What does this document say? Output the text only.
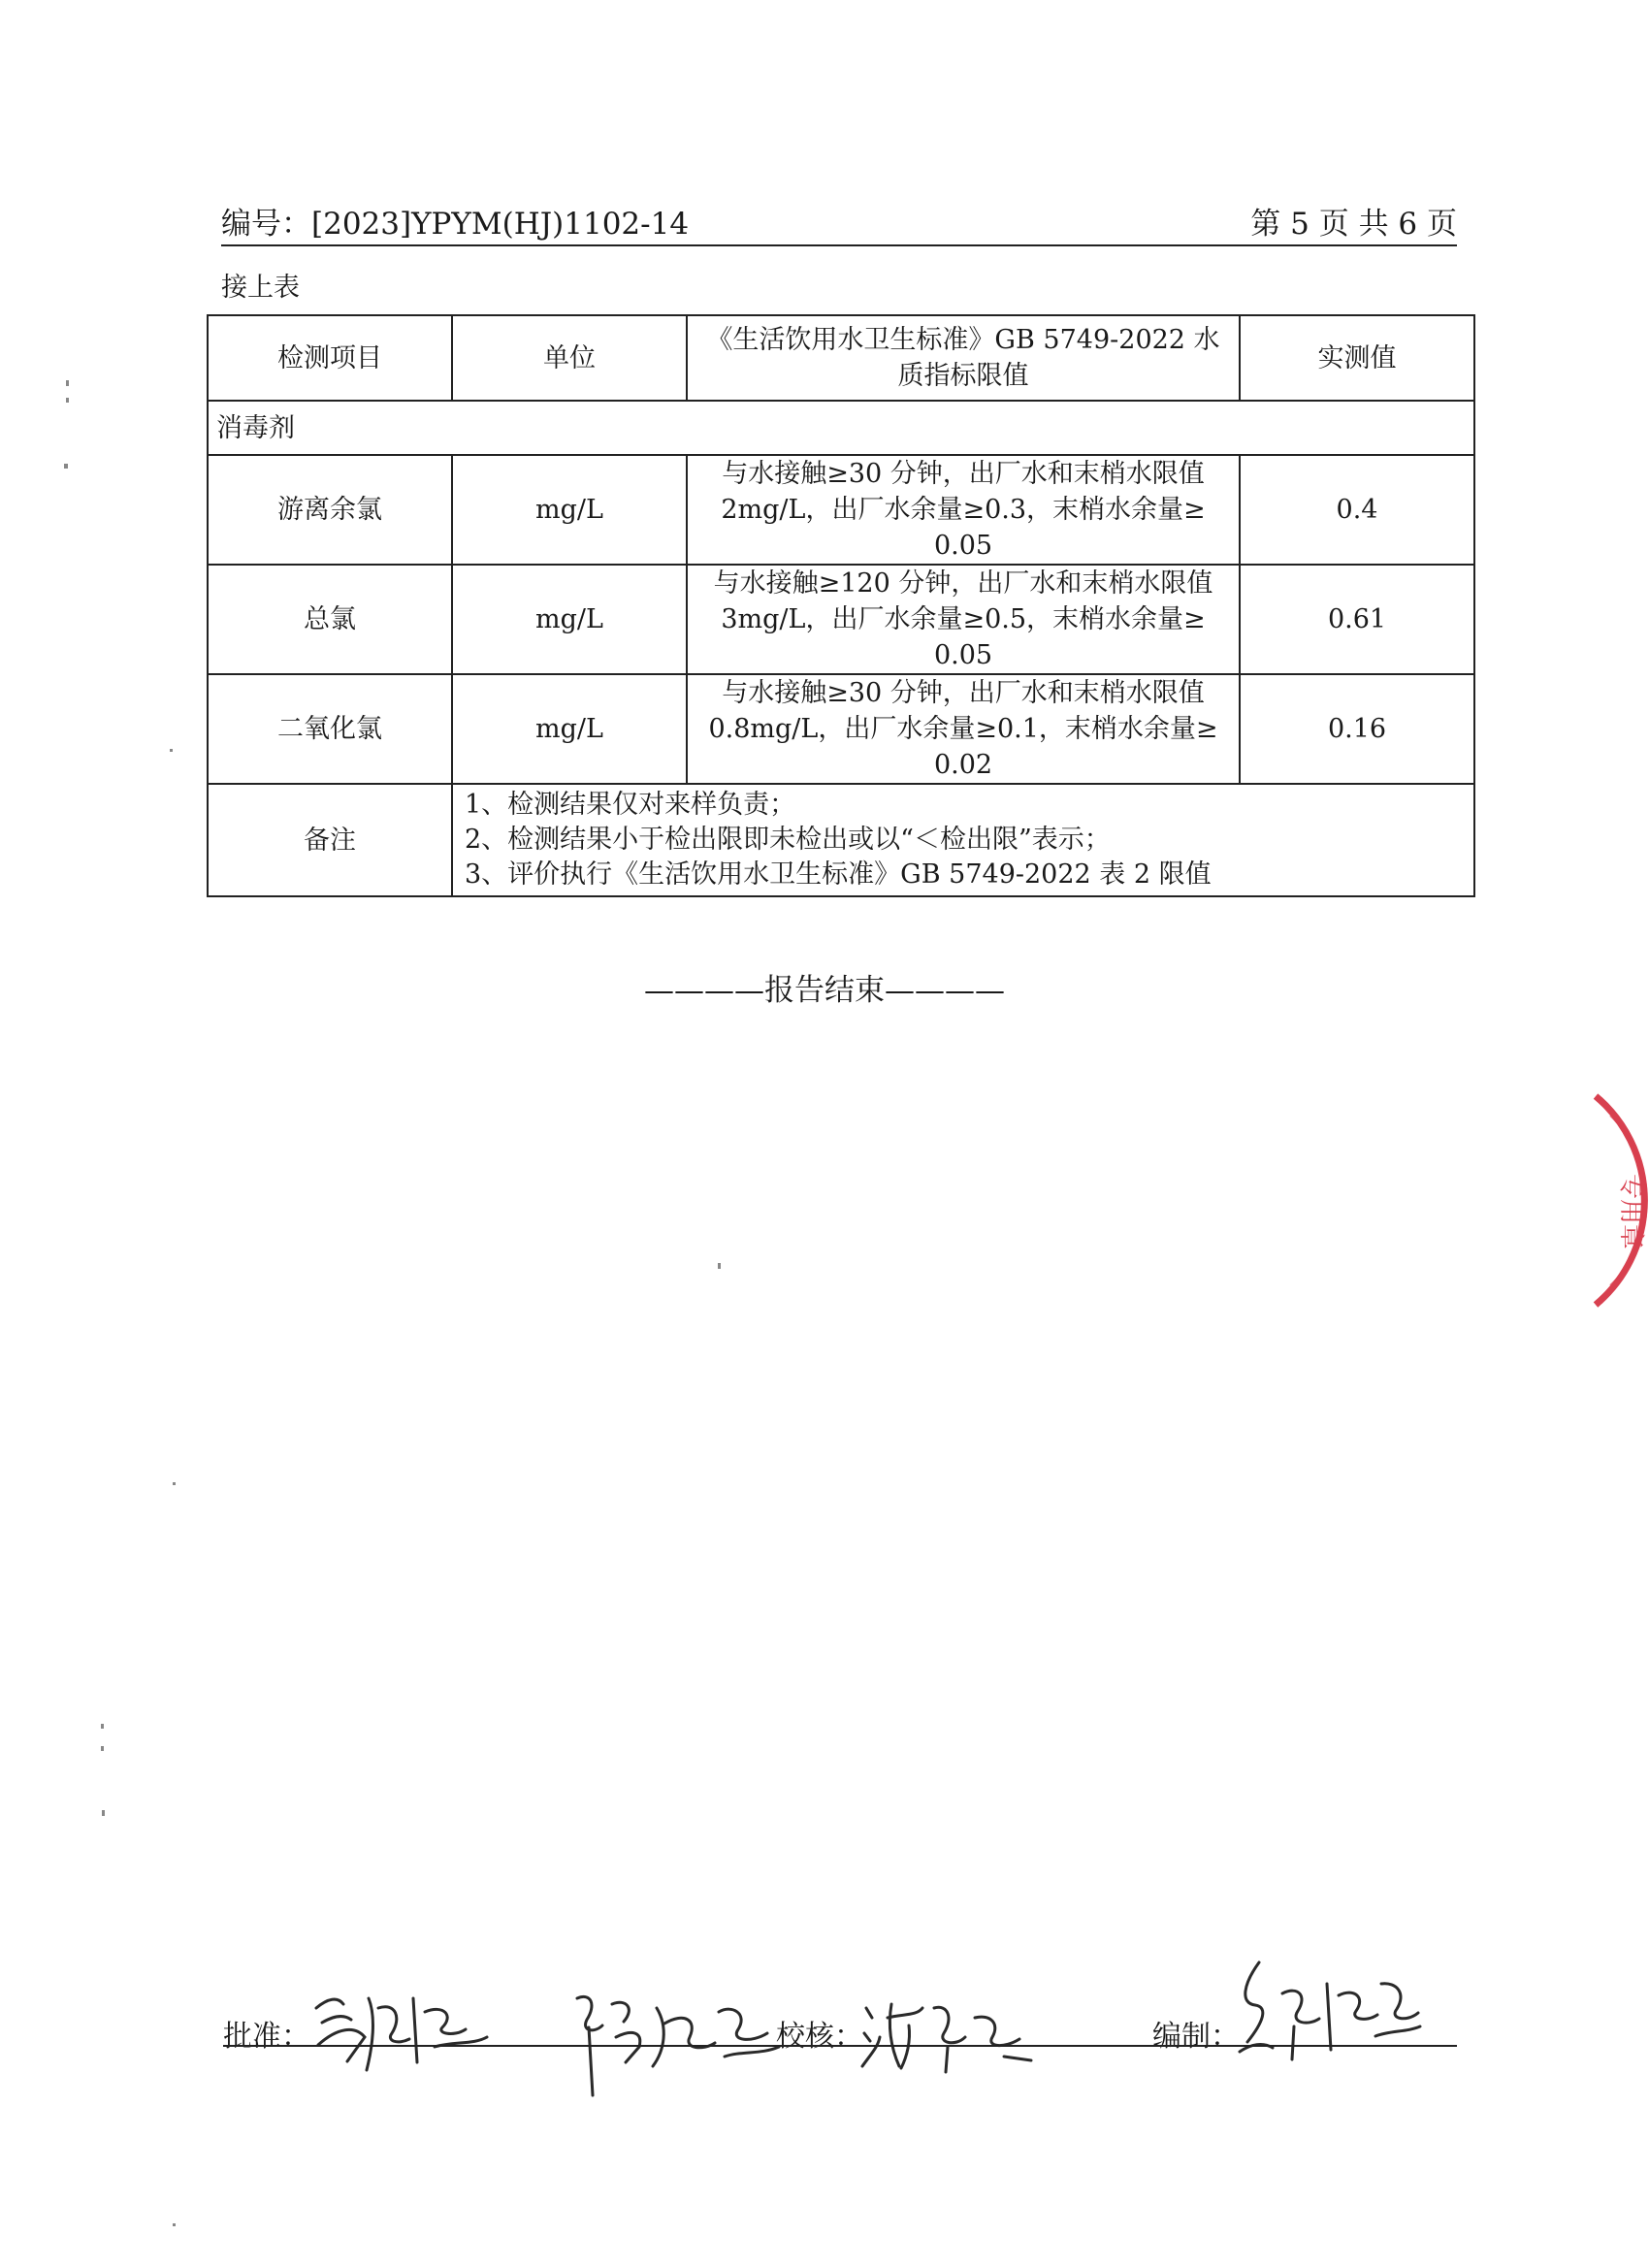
编号：[2023]YPYM(HJ)1102-14	第 5 页 共 6 页
接上表
检测项目	单位	《生活饮用水卫生标准》GB 5749-2022 水质指标限值	实测值
消毒剂			
游离余氯	mg/L	与水接触≥30 分钟，出厂水和末梢水限值 2mg/L，出厂水余量≥0.3，末梢水余量≥ 0.05	0.4
总氯	mg/L	与水接触≥120 分钟，出厂水和末梢水限值 3mg/L，出厂水余量≥0.5，末梢水余量≥ 0.05	0.61
二氧化氯	mg/L	与水接触≥30 分钟，出厂水和末梢水限值 0.8mg/L，出厂水余量≥0.1，末梢水余量≥ 0.02	0.16
备注	1、检测结果仅对来样负责；
2、检测结果小于检出限即未检出或以“＜检出限”表示；
3、评价执行《生活饮用水卫生标准》GB 5749-2022 表 2 限值		
————报告结束————
批准：	校核：	编制：
专用章
